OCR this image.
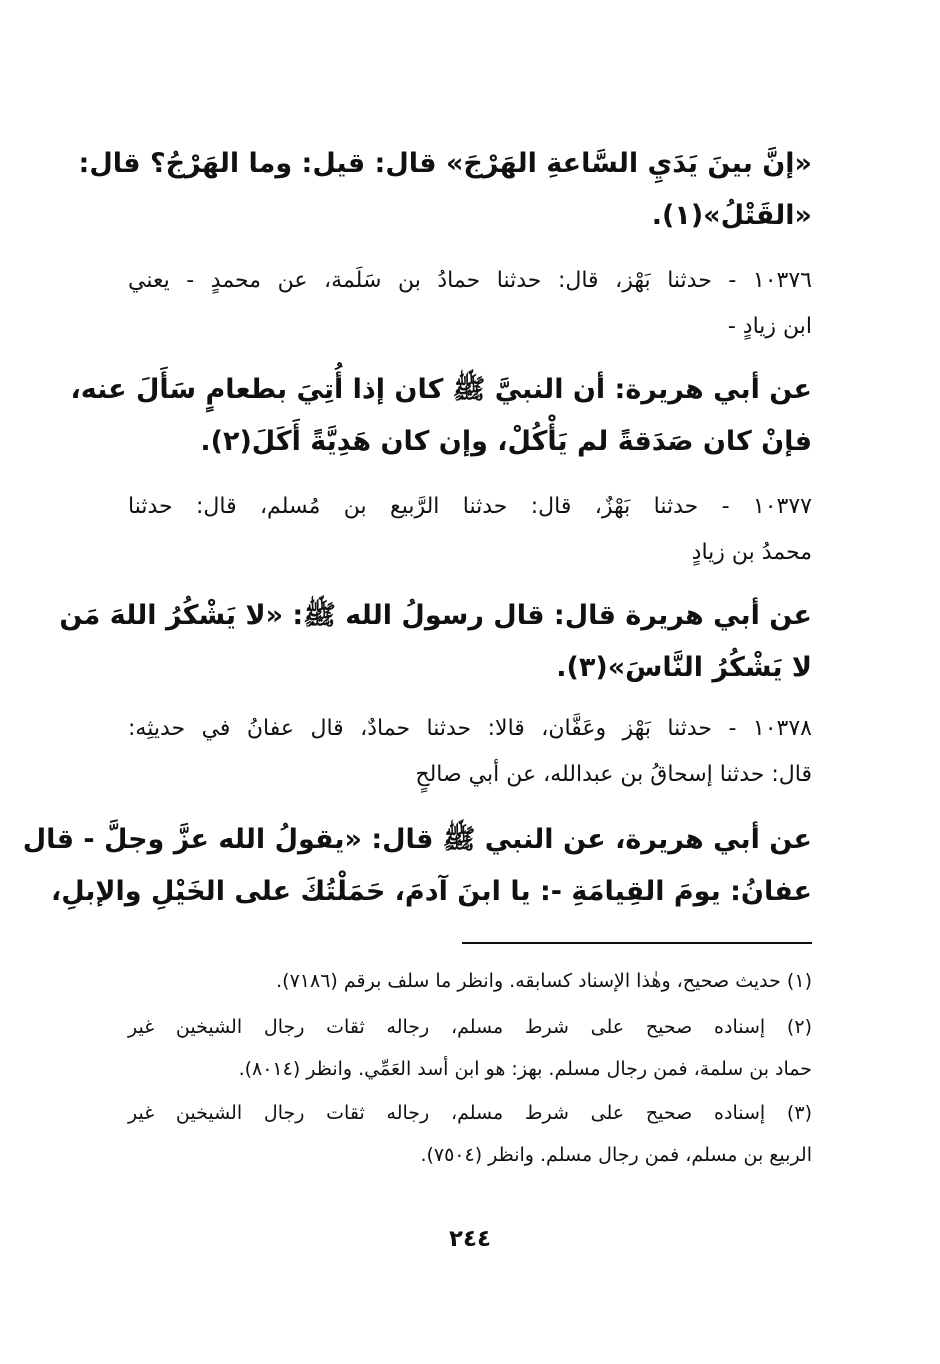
«إنَّ بينَ يَدَيِ السَّاعةِ الهَرْجَ» قال: قيل: وما الهَرْجُ؟ قال:
«القَتْلُ»(١).
١٠٣٧٦ - حدثنا بَهْز، قال: حدثنا حمادُ بن سَلَمة، عن محمدٍ - يعني
ابن زيادٍ -
عن أبي هريرة: أن النبيَّ ﷺ كان إذا أُتِيَ بطعامٍ سَأَلَ عنه،
فإنْ كان صَدَقةً لم يَأْكُلْ، وإن كان هَدِيَّةً أَكَلَ(٢).
١٠٣٧٧ - حدثنا بَهْزٌ، قال: حدثنا الرَّبيع بن مُسلم، قال: حدثنا
محمدُ بن زيادٍ
عن أبي هريرة قال: قال رسولُ الله ﷺ: «لا يَشْكُرُ اللهَ مَن
لا يَشْكُرُ النَّاسَ»(٣).
١٠٣٧٨ - حدثنا بَهْز وعَفَّان، قالا: حدثنا حمادٌ، قال عفانُ في حديثِه:
قال: حدثنا إسحاقُ بن عبدالله، عن أبي صالحٍ
عن أبي هريرة، عن النبي ﷺ قال: «يقولُ الله عزَّ وجلَّ - قال
عفانُ: يومَ القِيامَةِ -: يا ابنَ آدمَ، حَمَلْتُكَ على الخَيْلِ والإبلِ،
(١) حديث صحيح، وهٰذا الإسناد كسابقه. وانظر ما سلف برقم (٧١٨٦).
(٢) إسناده صحيح على شرط مسلم، رجاله ثقات رجال الشيخين غير
حماد بن سلمة، فمن رجال مسلم. بهز: هو ابن أسد العَمِّي. وانظر (٨٠١٤).
(٣) إسناده صحيح على شرط مسلم، رجاله ثقات رجال الشيخين غير
الربيع بن مسلم، فمن رجال مسلم. وانظر (٧٥٠٤).
٢٤٤
